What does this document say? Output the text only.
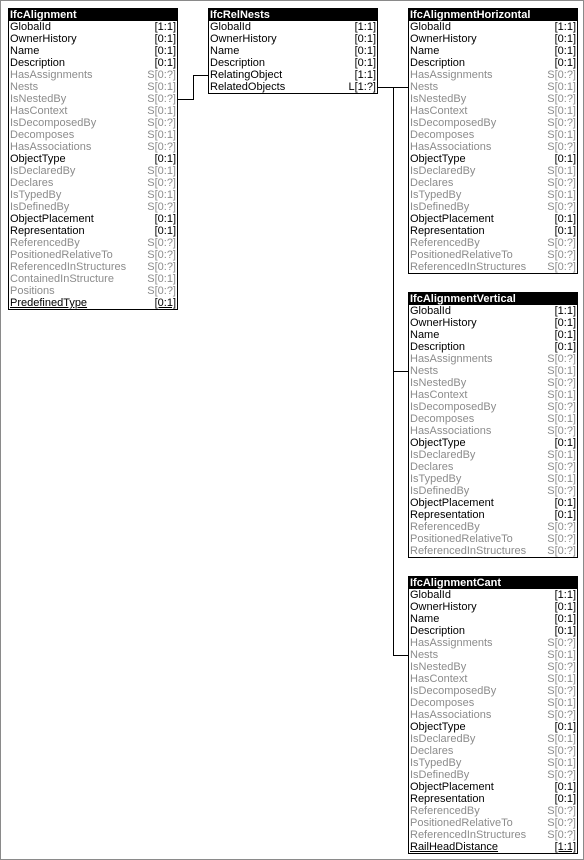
IfcAlignment
GlobalId	[1:1]
OwnerHistory	[0:1]
Name	[0:1]
Description	[0:1]
HasAssignments	S[0:?]
Nests	S[0:1]
IsNestedBy	S[0:?]
HasContext	S[0:1]
IsDecomposedBy	S[0:?]
Decomposes	S[0:1]
HasAssociations	S[0:?]
ObjectType	[0:1]
IsDeclaredBy	S[0:1]
Declares	S[0:?]
IsTypedBy	S[0:1]
IsDefinedBy	S[0:?]
ObjectPlacement	[0:1]
Representation	[0:1]
ReferencedBy	S[0:?]
PositionedRelativeTo	S[0:?]
ReferencedInStructures S[0:?]
ContainedInStructure	S[0:1]
Positions	S[0:?]
PredefinedType	[0:1]
IfcRelNests
GlobalId	[1:1]
OwnerHistory	[0:1]
Name	[0:1]
Description	[0:1]
RelatingObject	[1:1]
RelatedObjects	L[1:?]
IfcAlignmentHorizontal
GlobalId	[1:1]
OwnerHistory	[0:1]
Name	[0:1]
Description	[0:1]
HasAssignments	S[0:?]
Nests	S[0:1]
IsNestedBy	S[0:?]
HasContext	S[0:1]
IsDecomposedBy	S[0:?]
Decomposes	S[0:1]
HasAssociations	S[0:?]
ObjectType	[0:1]
IsDeclaredBy	S[0:1]
Declares	S[0:?]
IsTypedBy	S[0:1]
IsDefinedBy	S[0:?]
ObjectPlacement	[0:1]
Representation	[0:1]
ReferencedBy	S[0:?]
PositionedRelativeTo	S[0:?]
ReferencedInStructures S[0:?]
IfcAlignmentVertical
GlobalId	[1:1]
OwnerHistory	[0:1]
Name	[0:1]
Description	[0:1]
HasAssignments	S[0:?]
Nests	S[0:1]
IsNestedBy	S[0:?]
HasContext	S[0:1]
IsDecomposedBy	S[0:?]
Decomposes	S[0:1]
HasAssociations	S[0:?]
ObjectType	[0:1]
IsDeclaredBy	S[0:1]
Declares	S[0:?]
IsTypedBy	S[0:1]
IsDefinedBy	S[0:?]
ObjectPlacement	[0:1]
Representation	[0:1]
ReferencedBy	S[0:?]
PositionedRelativeTo	S[0:?]
ReferencedInStructures S[0:?]
IfcAlignmentCant
GlobalId	[1:1]
OwnerHistory	[0:1]
Name	[0:1]
Description	[0:1]
HasAssignments	S[0:?]
Nests	S[0:1]
IsNestedBy	S[0:?]
HasContext	S[0:1]
IsDecomposedBy	S[0:?]
Decomposes	S[0:1]
HasAssociations	S[0:?]
ObjectType	[0:1]
IsDeclaredBy	S[0:1]
Declares	S[0:?]
IsTypedBy	S[0:1]
IsDefinedBy	S[0:?]
ObjectPlacement	[0:1]
Representation	[0:1]
ReferencedBy	S[0:?]
PositionedRelativeTo	S[0:?]
ReferencedInStructures S[0:?]
RailHeadDistance	[1:1]
